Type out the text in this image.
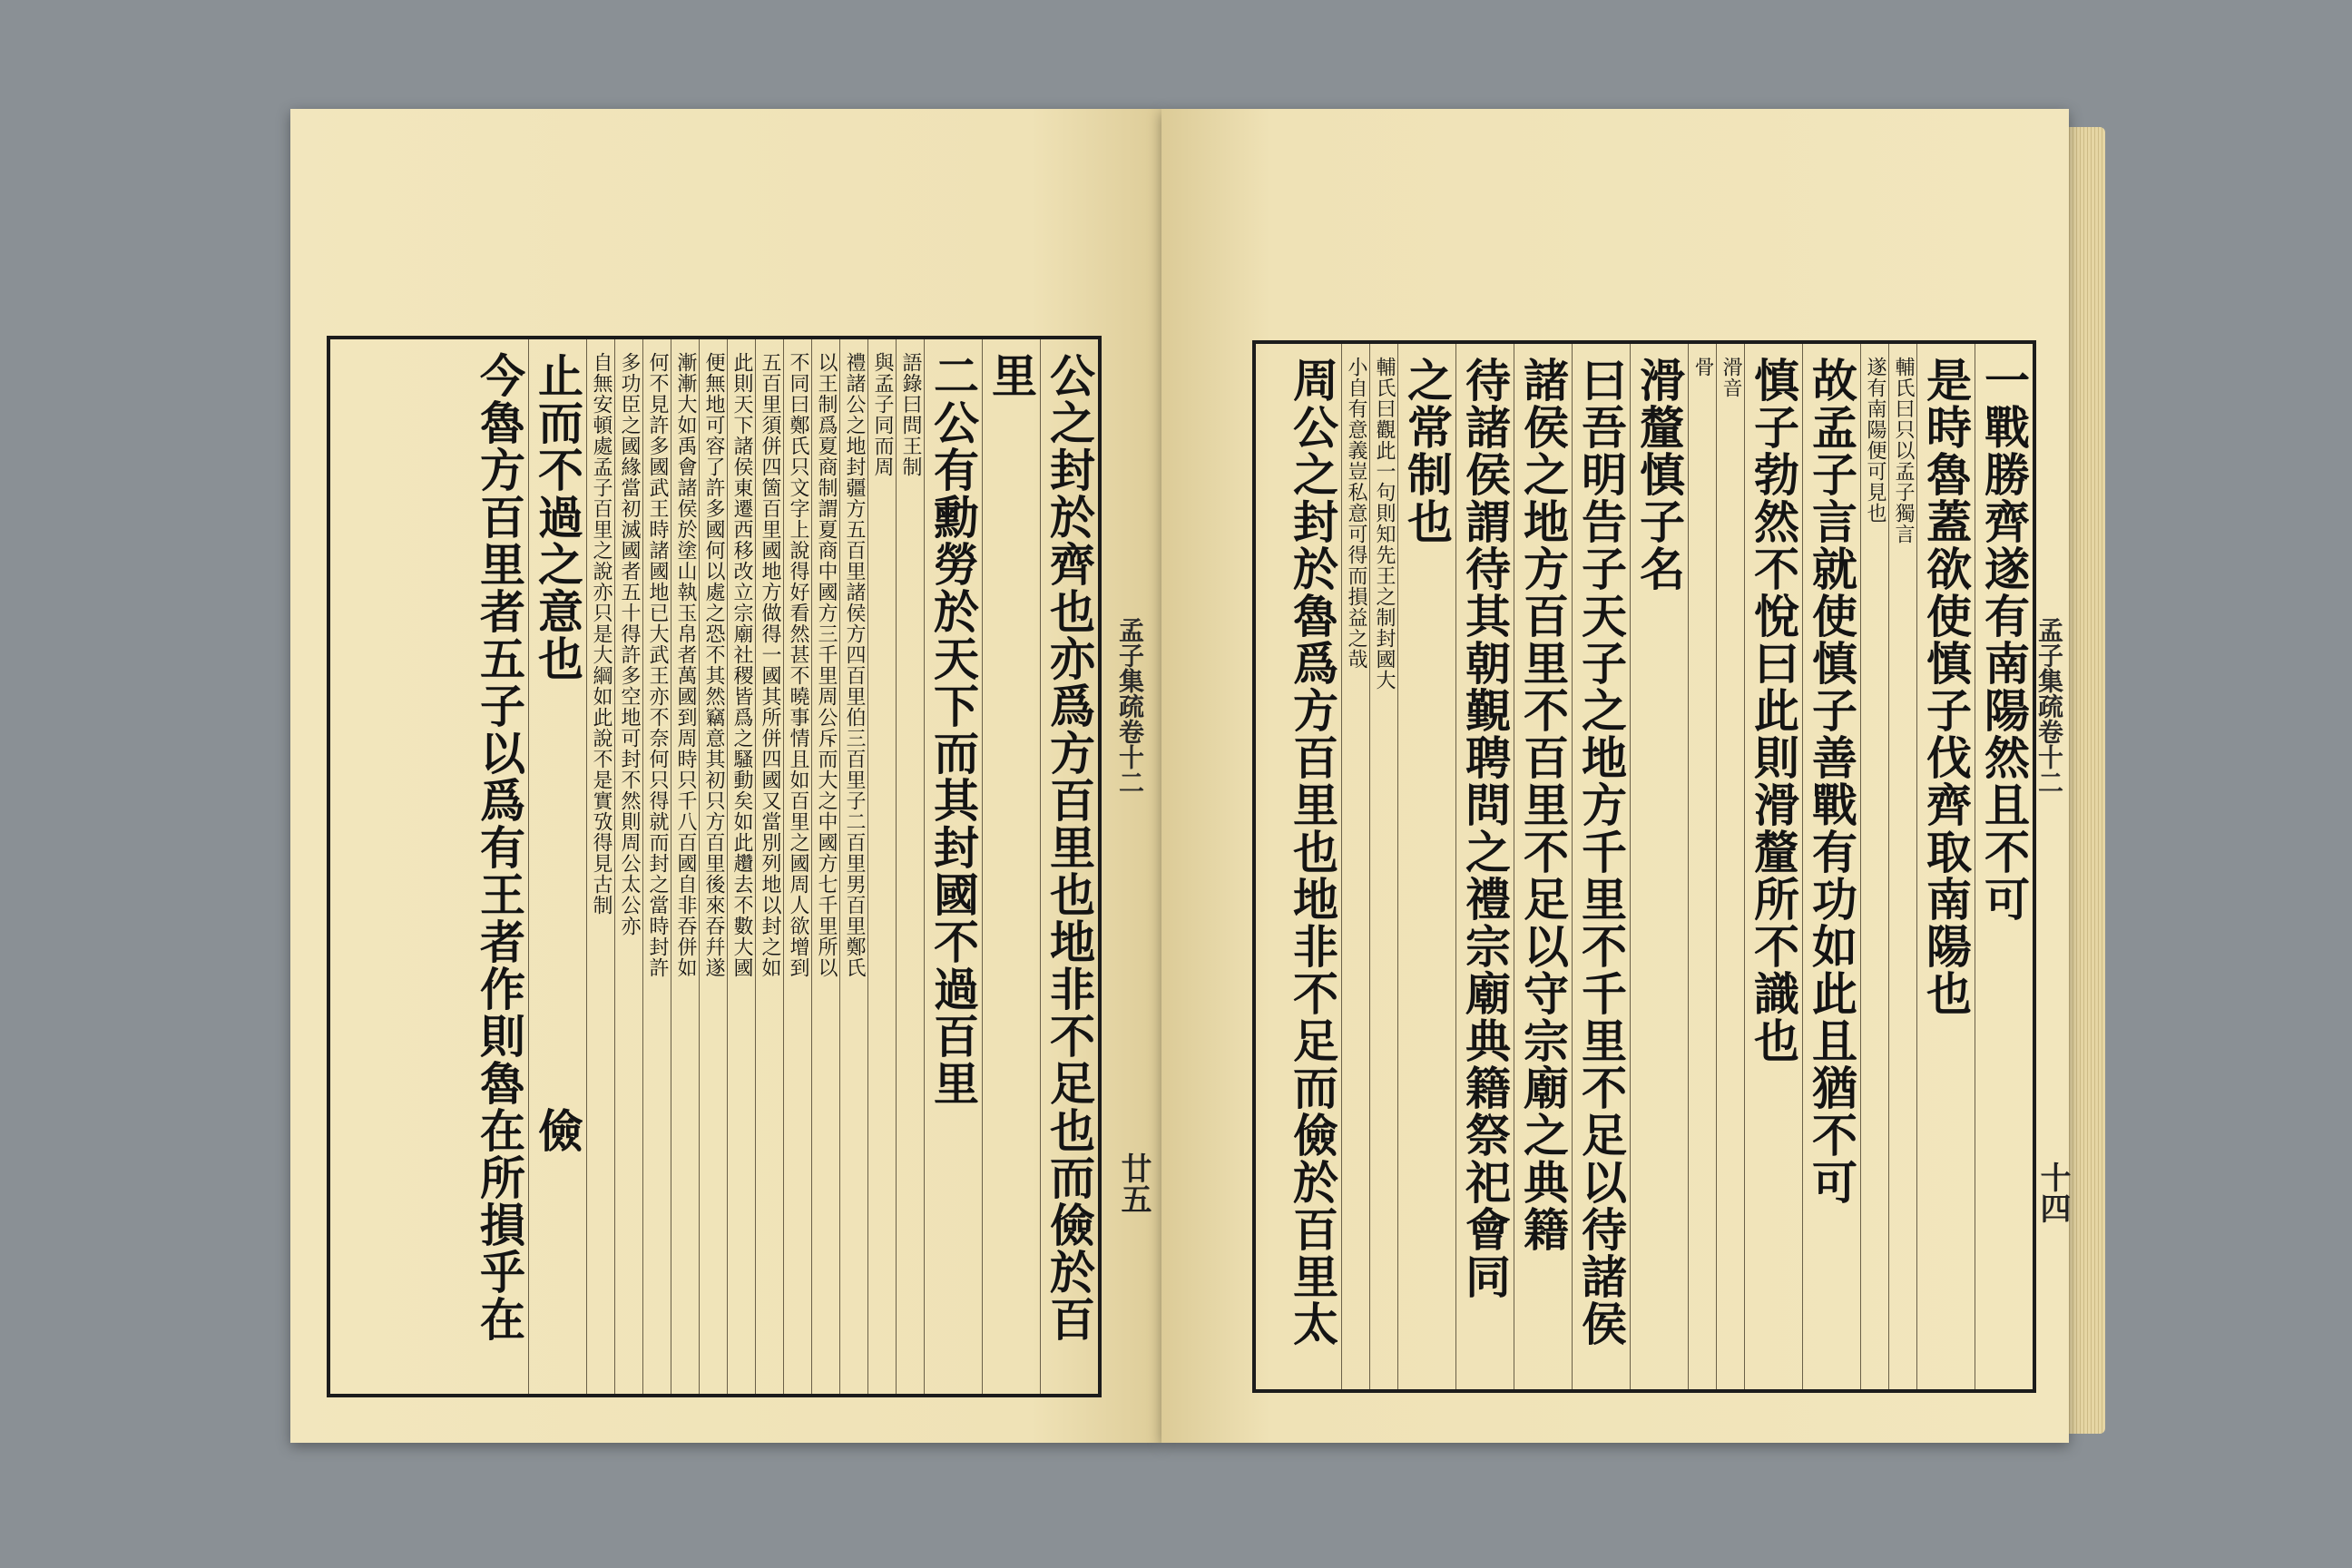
孟子集疏卷十二
廿五
公之封於齊也亦爲方百里也地非不足也而儉於百
里
二公有勳勞於天下而其封國不過百里
語錄曰問王制
與孟子同而周
禮諸公之地封疆方五百里諸侯方四百里伯三百里子二百里男百里鄭氏
以王制爲夏商制謂夏商中國方三千里周公斥而大之中國方七千里所以
不同曰鄭氏只文字上說得好看然甚不曉事情且如百里之國周人欲增到
五百里須併四箇百里國地方做得一國其所併四國又當別列地以封之如
此則天下諸侯東遷西移改立宗廟社稷皆爲之騷動矣如此趲去不數大國
便無地可容了許多國何以處之恐不其然竊意其初只方百里後來吞幷遂
漸漸大如禹會諸侯於塗山執玉帛者萬國到周時只千八百國自非吞併如
何不見許多國武王時諸國地已大武王亦不奈何只得就而封之當時封許
多功臣之國緣當初滅國者五十得許多空地可封不然則周公太公亦
自無安頓處孟子百里之說亦只是大綱如此說不是實攷得見古制
止而不過之意也　　　　　　　　　儉
今魯方百里者五子以爲有王者作則魯在所損乎在	孟子集疏卷十二
十四
一戰勝齊遂有南陽然且不可
是時魯蓋欲使慎子伐齊取南陽也
輔氏曰只以孟子獨言
遂有南陽便可見也
故孟子言就使慎子善戰有功如此且猶不可
慎子勃然不悅曰此則滑釐所不識也
滑音
骨
滑釐慎子名
曰吾明告子天子之地方千里不千里不足以待諸侯
諸侯之地方百里不百里不足以守宗廟之典籍
待諸侯謂待其朝覲聘問之禮宗廟典籍祭祀會同
之常制也
輔氏曰觀此一句則知先王之制封國大
小自有意義豈私意可得而損益之哉
周公之封於魯爲方百里也地非不足而儉於百里太
